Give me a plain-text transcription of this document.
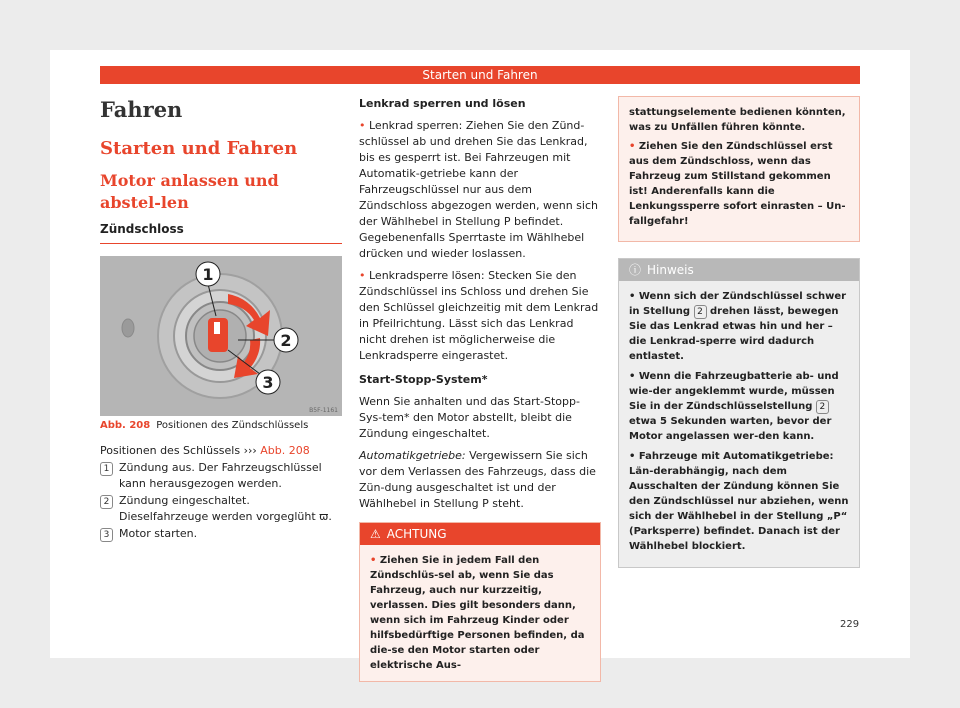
Starten und Fahren
Fahren
Starten und Fahren
Motor anlassen und abstel-len
Zündschloss
1
2
3
B5F-1161
Abb. 208 Positionen des Zündschlüssels
Positionen des Schlüssels ››› Abb. 208
1 Zündung aus. Der Fahrzeugschlüssel kann herausgezogen werden.
2 Zündung eingeschaltet. Dieselfahrzeuge werden vorgeglüht ϖ.
3 Motor starten.

Lenkrad sperren und lösen

• Lenkrad sperren: Ziehen Sie den Zünd-schlüssel ab und drehen Sie das Lenkrad, bis es gesperrt ist. Bei Fahrzeugen mit Automatik-getriebe kann der Fahrzeugschlüssel nur aus dem Zündschloss abgezogen werden, wenn sich der Wählhebel in Stellung P befindet. Gegebenenfalls Sperrtaste im Wählhebel drücken und wieder loslassen.

• Lenkradsperre lösen: Stecken Sie den Zündschlüssel ins Schloss und drehen Sie den Schlüssel gleichzeitig mit dem Lenkrad in Pfeilrichtung. Lässt sich das Lenkrad nicht drehen ist möglicherweise die Lenkradsperre eingerastet.

Start-Stopp-System*

Wenn Sie anhalten und das Start-Stopp-Sys-tem* den Motor abstellt, bleibt die Zündung eingeschaltet.

Automatikgetriebe: Vergewissern Sie sich vor dem Verlassen des Fahrzeugs, dass die Zün-dung ausgeschaltet ist und der Wählhebel in Stellung P steht.

⚠ ACHTUNG
• Ziehen Sie in jedem Fall den Zündschlüs-sel ab, wenn Sie das Fahrzeug, auch nur kurzzeitig, verlassen. Dies gilt besonders dann, wenn sich im Fahrzeug Kinder oder hilfsbedürftige Personen befinden, da die-se den Motor starten oder elektrische Aus-

stattungselemente bedienen könnten, was zu Unfällen führen könnte.

• Ziehen Sie den Zündschlüssel erst aus dem Zündschloss, wenn das Fahrzeug zum Stillstand gekommen ist! Anderenfalls kann die Lenkungssperre sofort einrasten – Un-fallgefahr!

ⓘ Hinweis

• Wenn sich der Zündschlüssel schwer in Stellung 2 drehen lässt, bewegen Sie das Lenkrad etwas hin und her – die Lenkrad-sperre wird dadurch entlastet.

• Wenn die Fahrzeugbatterie ab- und wie-der angeklemmt wurde, müssen Sie in der Zündschlüsselstellung 2 etwa 5 Sekunden warten, bevor der Motor angelassen wer-den kann.

• Fahrzeuge mit Automatikgetriebe: Län-derabhängig, nach dem Ausschalten der Zündung können Sie den Zündschlüssel nur abziehen, wenn sich der Wählhebel in der Stellung „P“ (Parksperre) befindet. Danach ist der Wählhebel blockiert.

229
